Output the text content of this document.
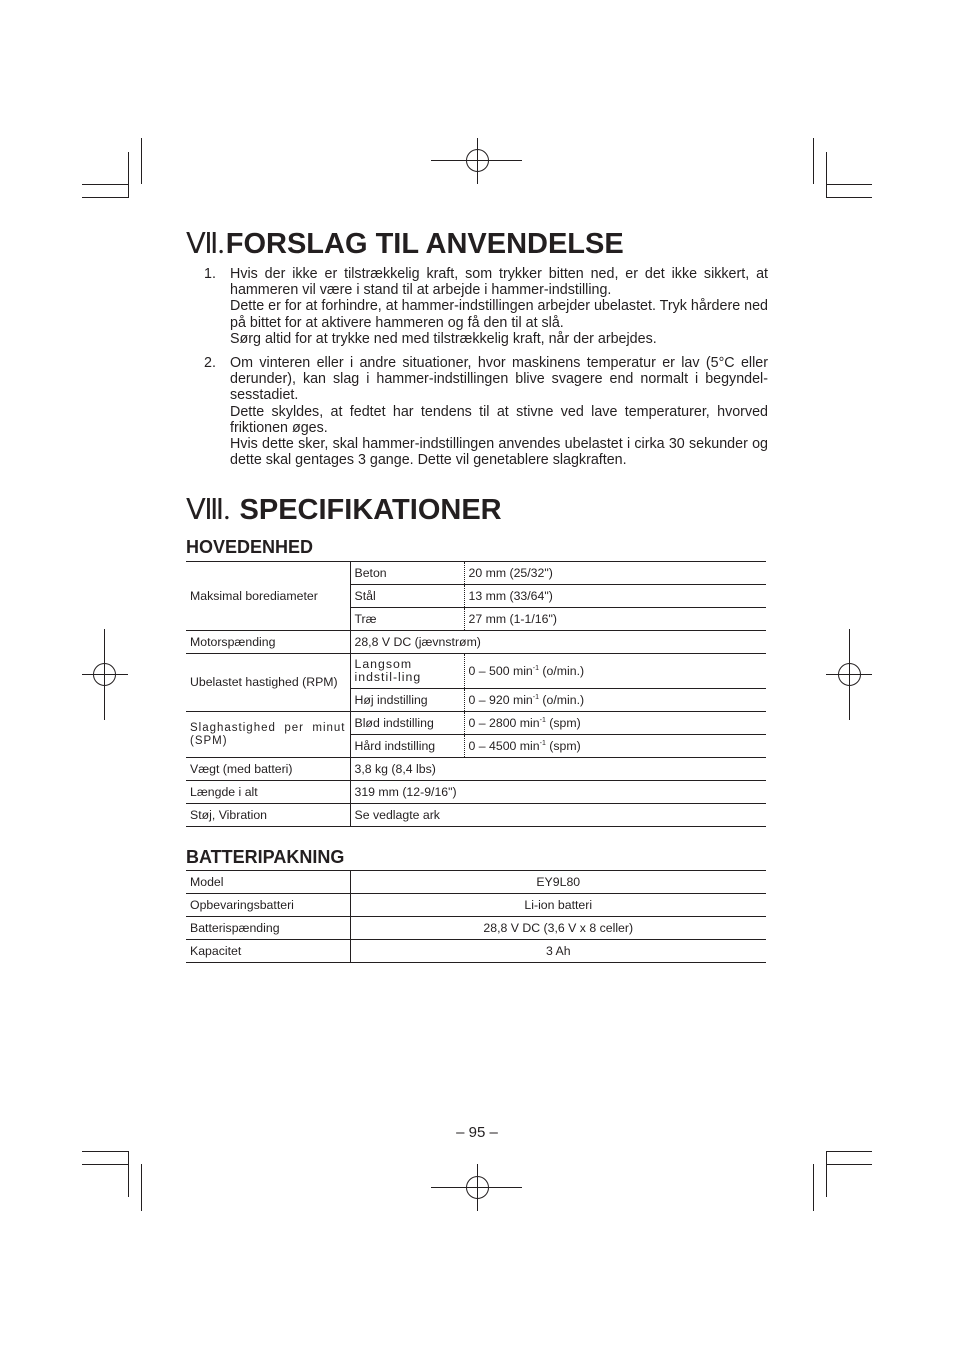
Ⅶ.FORSLAG TIL ANVENDELSE
1. Hvis der ikke er tilstrækkelig kraft, som trykker bitten ned, er det ikke sikkert, at hammeren vil være i stand til at arbejde i hammer-indstilling.

Dette er for at forhindre, at hammer-indstillingen arbejder ubelastet. Tryk hårdere ned på bittet for at aktivere hammeren og få den til at slå.

Sørg altid for at trykke ned med tilstrækkelig kraft, når der arbejdes.

2. Om vinteren eller i andre situationer, hvor maskinens temperatur er lav (5°C eller derunder), kan slag i hammer-indstillingen blive svagere end normalt i begyndel-sesstadiet.

Dette skyldes, at fedtet har tendens til at stivne ved lave temperaturer, hvorved friktionen øges.

Hvis dette sker, skal hammer-indstillingen anvendes ubelastet i cirka 30 sekunder og dette skal gentages 3 gange. Dette vil genetablere slagkraften.

Ⅷ. SPECIFIKATIONER
HOVEDENHED
Maksimal borediameter	Beton	20 mm (25/32")
	Stål	13 mm (33/64")
	Træ	27 mm (1-1/16")
Motorspænding	28,8 V DC (jævnstrøm)	
Ubelastet hastighed (RPM)	Langsom indstil-ling	0 – 500 $\min^{-1} (o/\min.)$
	Høj indstilling	0 – 920 $\min^{-1} (o/\min.)$
Slaghastighed per minut (SPM)	Blød indstilling	0 – 2800 $\min^{-1} (spm)$
	Hård indstilling	0 – 4500 $\min^{-1} (spm)$
Vægt (med batteri)	3,8 kg (8,4 lbs)	
Længde i alt	319 mm (12-9/16")	
Støj, Vibration	Se vedlagte ark	
BATTERIPAKNING
Model	EY9L80
Opbevaringsbatteri	Li-ion batteri
Batterispænding	28,8 V DC (3,6 V x 8 celler)
Kapacitet	3 Ah
– 95 –
